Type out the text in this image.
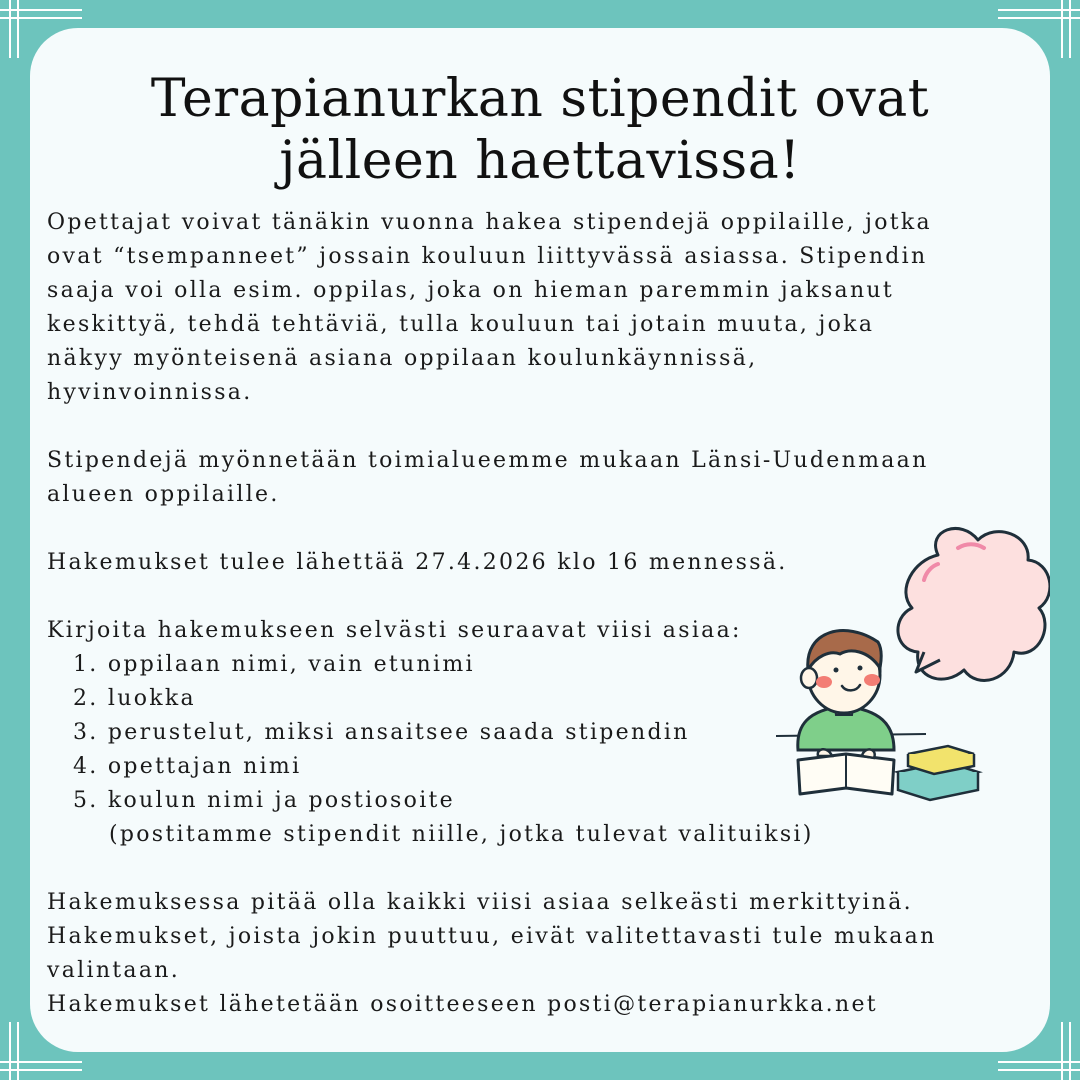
Terapianurkan stipendit ovat
jälleen haettavissa!

Opettajat voivat tänäkin vuonna hakea stipendejä oppilaille, jotka

ovat “tsempanneet” jossain kouluun liittyvässä asiassa. Stipendin

saaja voi olla esim. oppilas, joka on hieman paremmin jaksanut

keskittyä, tehdä tehtäviä, tulla kouluun tai jotain muuta, joka

näkyy myönteisenä asiana oppilaan koulunkäynnissä,

hyvinvoinnissa.

Stipendejä myönnetään toimialueemme mukaan Länsi-Uudenmaan

alueen oppilaille.

Hakemukset tulee lähettää 27.4.2026 klo 16 mennessä.

Kirjoita hakemukseen selvästi seuraavat viisi asiaa:

1. oppilaan nimi, vain etunimi
2. luokka
3. perustelut, miksi ansaitsee saada stipendin
4. opettajan nimi
5. koulun nimi ja postiosoite

(postitamme stipendit niille, jotka tulevat valituiksi)

Hakemuksessa pitää olla kaikki viisi asiaa selkeästi merkittyinä.

Hakemukset, joista jokin puuttuu, eivät valitettavasti tule mukaan

valintaan.

Hakemukset lähetetään osoitteeseen posti@terapianurkka.net
